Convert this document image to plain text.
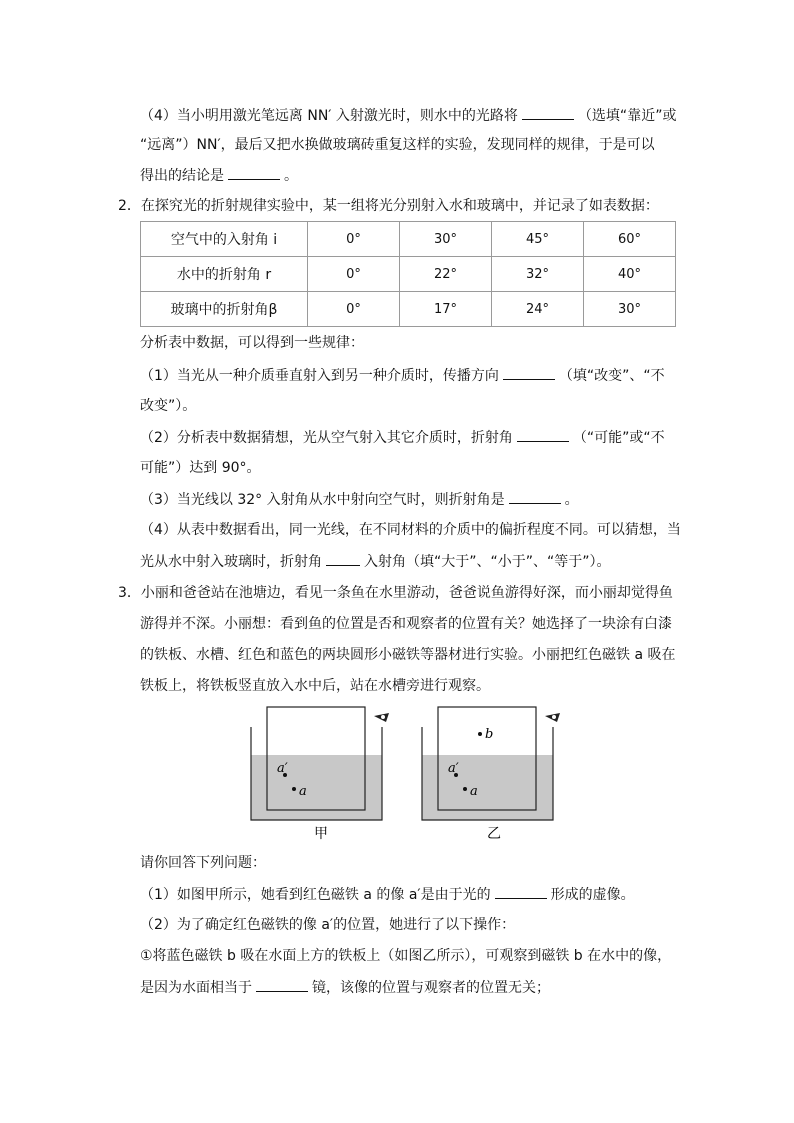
（4）当小明用激光笔远离 NN′ 入射激光时，则水中的光路将	（选填“靠近”或
“远离”）NN′，最后又把水换做玻璃砖重复这样的实验，发现同样的规律，于是可以
得出的结论是	。
2．在探究光的折射规律实验中，某一组将光分别射入水和玻璃中，并记录了如表数据：
空气中的入射角 i	0°	30°	45°	60°
水中的折射角 r	0°	22°	32°	40°
玻璃中的折射角β	0°	17°	24°	30°
分析表中数据，可以得到一些规律：
（1）当光从一种介质垂直射入到另一种介质时，传播方向	（填“改变”、“不
改变”）。
（2）分析表中数据猜想，光从空气射入其它介质时，折射角	（“可能”或“不
可能”）达到 90°。
（3）当光线以 32° 入射角从水中射向空气时，则折射角是	。
（4）从表中数据看出，同一光线，在不同材料的介质中的偏折程度不同。可以猜想，当
光从水中射入玻璃时，折射角	入射角（填“大于”、“小于”、“等于”）。
3．小丽和爸爸站在池塘边，看见一条鱼在水里游动，爸爸说鱼游得好深，而小丽却觉得鱼
游得并不深。小丽想：看到鱼的位置是否和观察者的位置有关？她选择了一块涂有白漆
的铁板、水槽、红色和蓝色的两块圆形小磁铁等器材进行实验。小丽把红色磁铁 a 吸在
铁板上，将铁板竖直放入水中后，站在水槽旁进行观察。
a′
a
甲
b
a′
a
乙
请你回答下列问题：
（1）如图甲所示，她看到红色磁铁 a 的像 a′是由于光的	形成的虚像。
（2）为了确定红色磁铁的像 a′的位置，她进行了以下操作：
①将蓝色磁铁 b 吸在水面上方的铁板上（如图乙所示），可观察到磁铁 b 在水中的像，
是因为水面相当于	镜，该像的位置与观察者的位置无关；
